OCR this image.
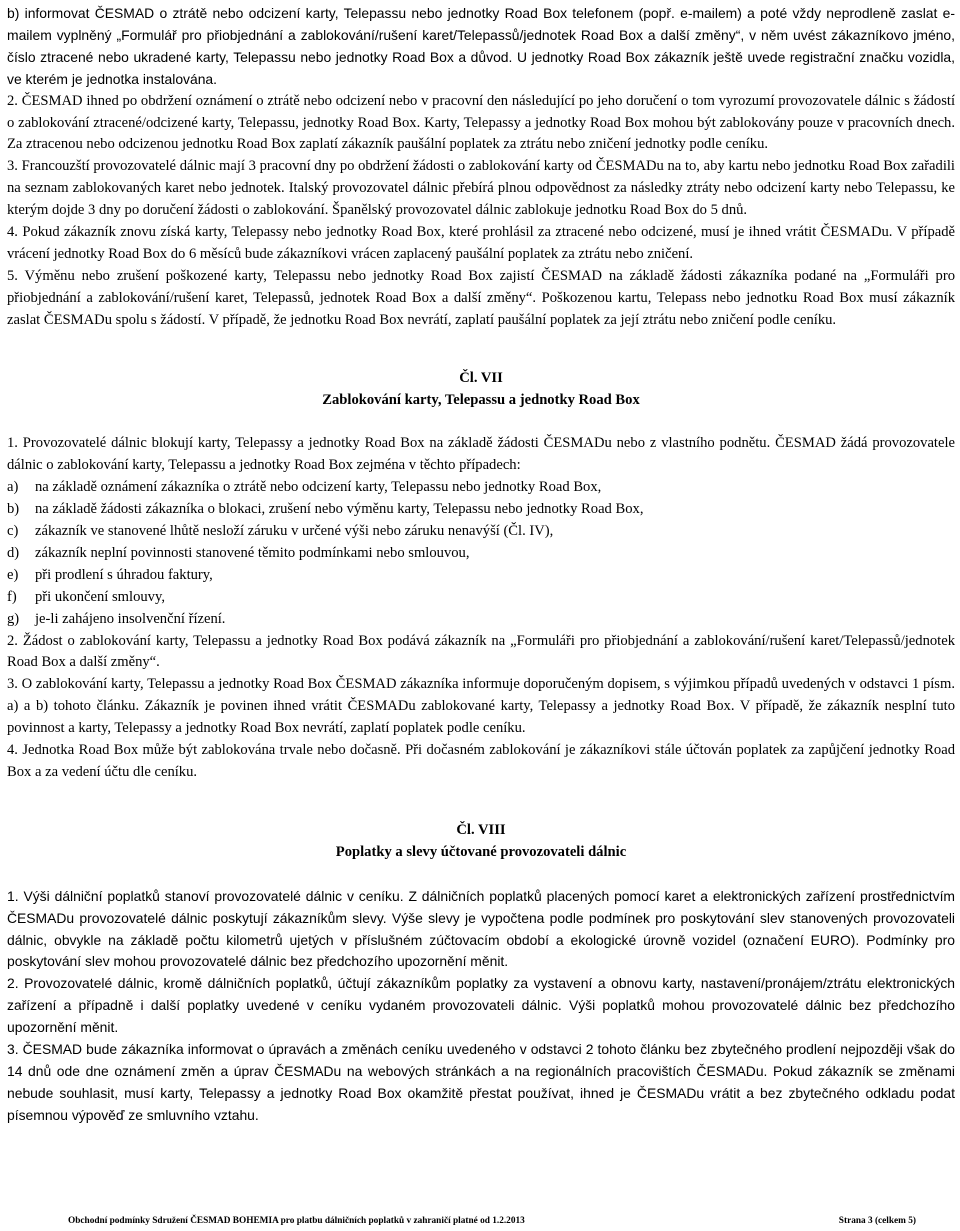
b) informovat ČESMAD o ztrátě nebo odcizení karty, Telepassu nebo jednotky Road Box telefonem (popř. e-mailem) a poté vždy neprodleně zaslat e-mailem vyplněný „Formulář pro přiobjednání a zablokování/rušení karet/Telepassů/jednotek Road Box a další změny“, v něm uvést zákazníkovo jméno, číslo ztracené nebo ukradené karty, Telepassu nebo jednotky Road Box a důvod. U jednotky Road Box zákazník ještě uvede registrační značku vozidla, ve kterém je jednotka instalována.

2. ČESMAD ihned po obdržení oznámení o ztrátě nebo odcizení nebo v pracovní den následující po jeho doručení o tom vyrozumí provozovatele dálnic s žádostí o zablokování ztracené/odcizené karty, Telepassu, jednotky Road Box. Karty, Telepassy a jednotky Road Box mohou být zablokovány pouze v pracovních dnech. Za ztracenou nebo odcizenou jednotku Road Box zaplatí zákazník paušální poplatek za ztrátu nebo zničení jednotky podle ceníku.

3. Francouzští provozovatelé dálnic mají 3 pracovní dny po obdržení žádosti o zablokování karty od ČESMADu na to, aby kartu nebo jednotku Road Box zařadili na seznam zablokovaných karet nebo jednotek. Italský provozovatel dálnic přebírá plnou odpovědnost za následky ztráty nebo odcizení karty nebo Telepassu, ke kterým dojde 3 dny po doručení žádosti o zablokování. Španělský provozovatel dálnic zablokuje jednotku Road Box do 5 dnů.

4. Pokud zákazník znovu získá karty, Telepassy nebo jednotky Road Box, které prohlásil za ztracené nebo odcizené, musí je ihned vrátit ČESMADu. V případě vrácení jednotky Road Box do 6 měsíců bude zákazníkovi vrácen zaplacený paušální poplatek za ztrátu nebo zničení.

5. Výměnu nebo zrušení poškozené karty, Telepassu nebo jednotky Road Box zajistí ČESMAD na základě žádosti zákazníka podané na „Formuláři pro přiobjednání a zablokování/rušení karet, Telepassů, jednotek Road Box a další změny“. Poškozenou kartu, Telepass nebo jednotku Road Box musí zákazník zaslat ČESMADu spolu s žádostí. V případě, že jednotku Road Box nevrátí, zaplatí paušální poplatek za její ztrátu nebo zničení podle ceníku.

Čl. VII

Zablokování karty, Telepassu a jednotky Road Box

1. Provozovatelé dálnic blokují karty, Telepassy a jednotky Road Box na základě žádosti ČESMADu nebo z vlastního podnětu. ČESMAD žádá provozovatele dálnic o zablokování karty, Telepassu a jednotky Road Box zejména v těchto případech:

a)	na základě oznámení zákazníka o ztrátě nebo odcizení karty, Telepassu nebo jednotky Road Box,
b)	na základě žádosti zákazníka o blokaci, zrušení nebo výměnu karty, Telepassu nebo jednotky Road Box,
c)	zákazník ve stanovené lhůtě nesloží záruku v určené výši nebo záruku nenavýší (Čl. IV),
d)	zákazník neplní povinnosti stanovené těmito podmínkami nebo smlouvou,
e)	při prodlení s úhradou faktury,
f)	při ukončení smlouvy,
g)	je-li zahájeno insolvenční řízení.

2. Žádost o zablokování karty, Telepassu a jednotky Road Box podává zákazník na „Formuláři pro přiobjednání a zablokování/rušení karet/Telepassů/jednotek Road Box a další změny“.

3. O zablokování karty, Telepassu a jednotky Road Box ČESMAD zákazníka informuje doporučeným dopisem, s výjimkou případů uvedených v odstavci 1 písm. a) a b) tohoto článku. Zákazník je povinen ihned vrátit ČESMADu zablokované karty, Telepassy a jednotky Road Box. V případě, že zákazník nesplní tuto povinnost a karty, Telepassy a jednotky Road Box nevrátí, zaplatí poplatek podle ceníku.

4. Jednotka Road Box může být zablokována trvale nebo dočasně. Při dočasném zablokování je zákazníkovi stále účtován poplatek za zapůjčení jednotky Road Box a za vedení účtu dle ceníku.

Čl. VIII

Poplatky a slevy účtované provozovateli dálnic

1. Výši dálniční poplatků stanoví provozovatelé dálnic v ceníku. Z dálničních poplatků placených pomocí karet a elektronických zařízení prostřednictvím ČESMADu provozovatelé dálnic poskytují zákazníkům slevy. Výše slevy je vypočtena podle podmínek pro poskytování slev stanovených provozovateli dálnic, obvykle na základě počtu kilometrů ujetých v příslušném zúčtovacím období a ekologické úrovně vozidel (označení EURO). Podmínky pro poskytování slev mohou provozovatelé dálnic bez předchozího upozornění měnit.

2. Provozovatelé dálnic, kromě dálničních poplatků, účtují zákazníkům poplatky za vystavení a obnovu karty, nastavení/pronájem/ztrátu elektronických zařízení a případně i další poplatky uvedené v ceníku vydaném provozovateli dálnic. Výši poplatků mohou provozovatelé dálnic bez předchozího upozornění měnit.

3. ČESMAD bude zákazníka informovat o úpravách a změnách ceníku uvedeného v odstavci 2 tohoto článku bez zbytečného prodlení nejpozději však do 14 dnů ode dne oznámení změn a úprav ČESMADu na webových stránkách a na regionálních pracovištích ČESMADu. Pokud zákazník se změnami nebude souhlasit, musí karty, Telepassy a jednotky Road Box okamžitě přestat používat, ihned je ČESMADu vrátit a bez zbytečného odkladu podat písemnou výpověď ze smluvního vztahu.

Obchodní podmínky Sdružení ČESMAD BOHEMIA pro platbu dálničních poplatků v zahraničí platné od 1.2.2013	Strana 3 (celkem 5)
